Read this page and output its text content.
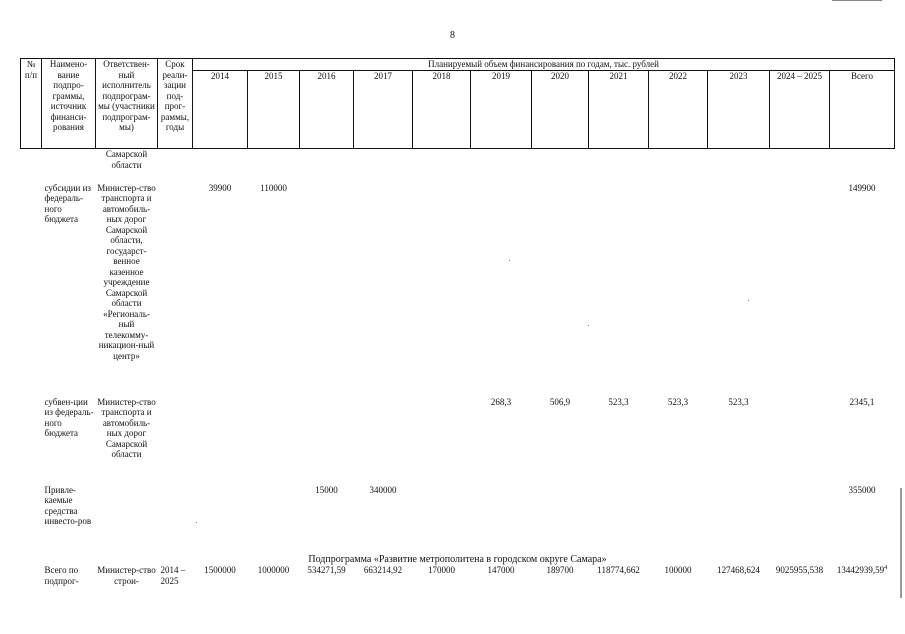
8
№ п/п	Наимено-вание подпро-граммы, источник финанси-рования	Ответствен-ный исполнитель подпрограм-мы (участники подпрограм-мы)	Срок реали-зации под-прог-раммы, годы	Планируемый объем финансирования по годам, тыс. рублей											
				2014	2015	2016	2017	2018	2019	2020	2021	2022	2023	2024 – 2025	Всего
		Самарской области													
	субсидии из федераль-ного бюджета	Министер-ство транспорта и автомобиль-ных дорог Самарской области, государст-венное казенное учреждение Самарской области «Региональ-ный телекомму-никацион-ный центр»		39900	110000										149900
	субвен-ции из федераль-ного бюджета	Министер-ство транспорта и автомобиль-ных дорог Самарской области							268,3	506,9	523,3	523,3	523,3		2345,1
	Привле-каемые средства инвесто-ров					15000	340000								355000
Подпрограмма «Развитие метрополитена в городском округе Самара»															
	Всего по подпрог-	Министер-ство строи-	2014 – 2025	1500000	1000000	534271,59	663214,92	170000	147000	189700	118774,662	100000	127468,624	9025955,538	13442939,59$^4$
